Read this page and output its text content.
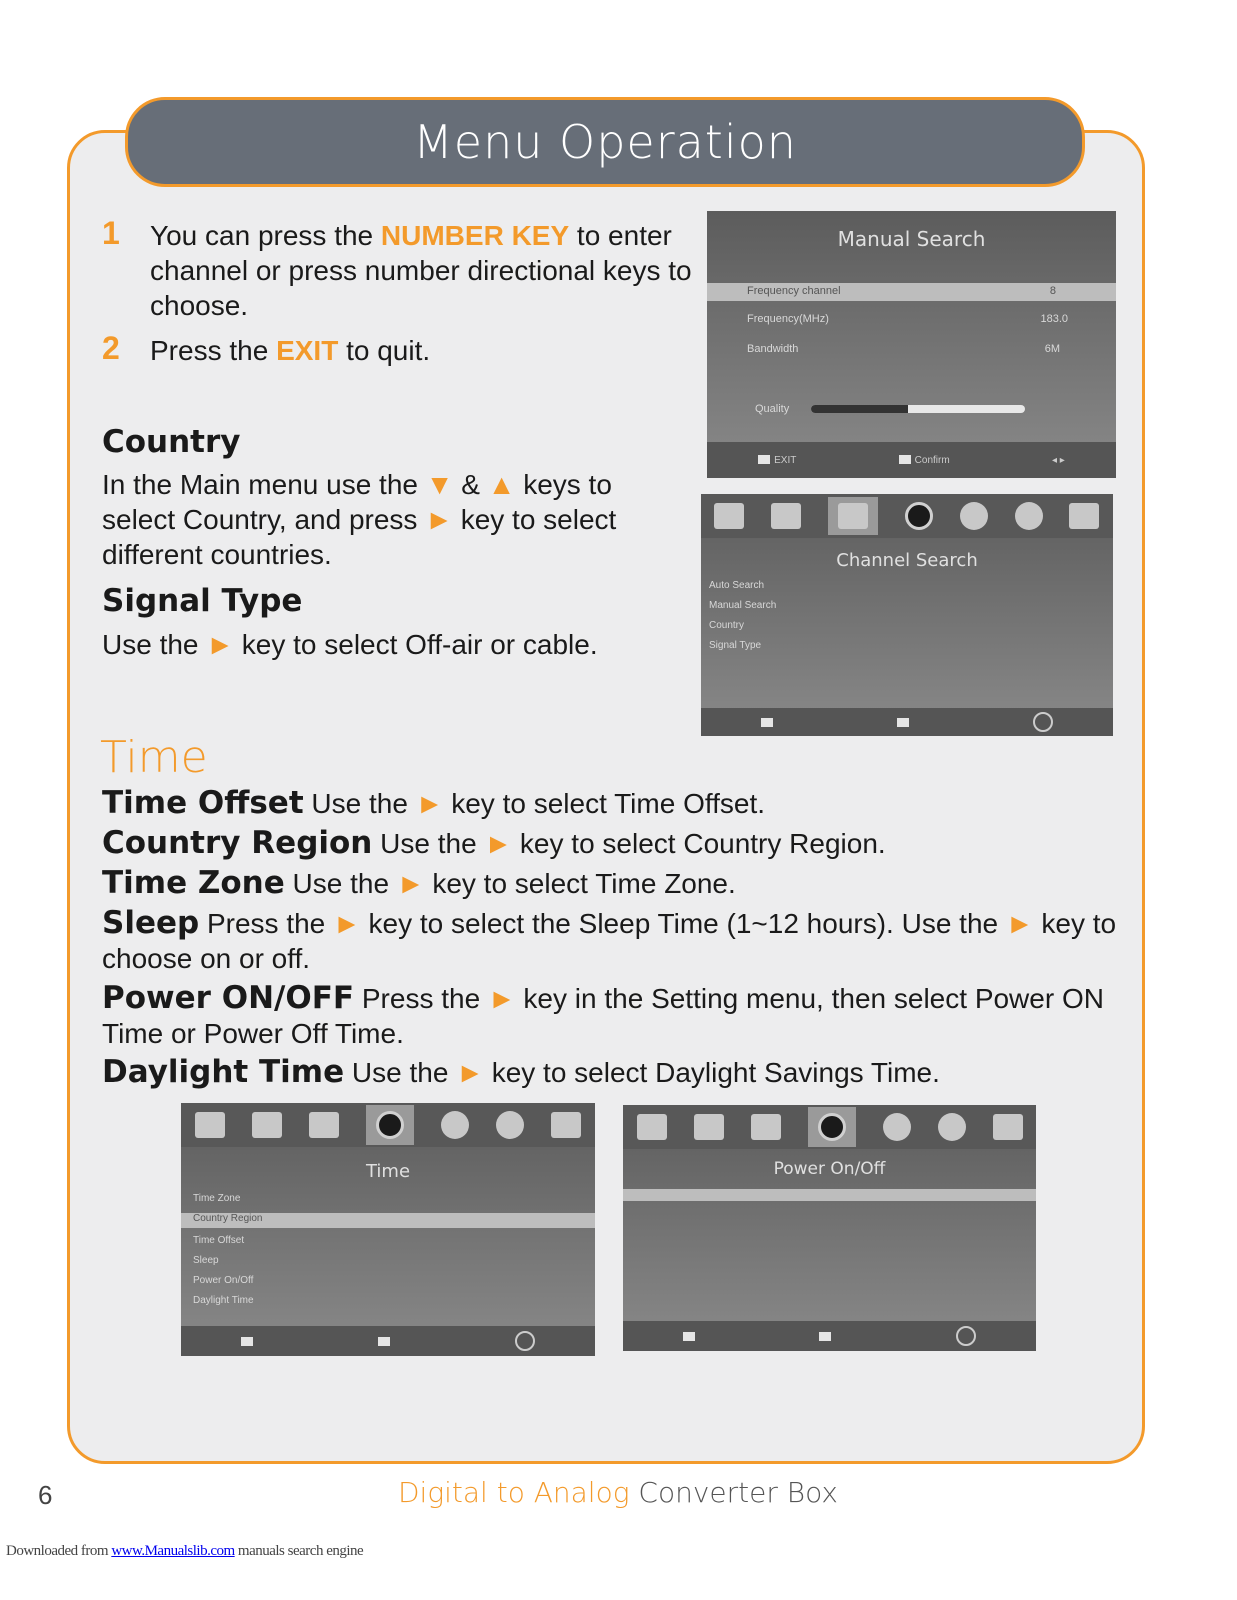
Menu Operation
1 You can press the NUMBER KEY to enter channel or press number directional keys to choose.
2 Press the EXIT to quit.
Country
In the Main menu use the ▼ & ▲ keys to select Country, and press ► key to select different countries.
Signal Type
Use the ► key to select Off-air or cable.
Manual Search
Frequency channel	8
Frequency(MHz)	183.0
Bandwidth	6M
Quality
EXIT	Confirm	◂ ▸
Channel Search
Auto Search
Manual Search
Country
Signal Type
Time
Time Offset Use the ► key to select Time Offset.
Country Region Use the ► key to select Country Region.
Time Zone Use the ► key to select Time Zone.
Sleep Press the ► key to select the Sleep Time (1~12 hours). Use the ► key to choose on or off.
Power ON/OFF Press the ► key in the Setting menu, then select Power ON Time or Power Off Time.
Daylight Time Use the ► key to select Daylight Savings Time.
Time
Time Zone
Country Region
Time Offset
Sleep
Power On/Off
Daylight Time
Power On/Off
6	Digital to Analog Converter Box
Downloaded from www.Manualslib.com manuals search engine
